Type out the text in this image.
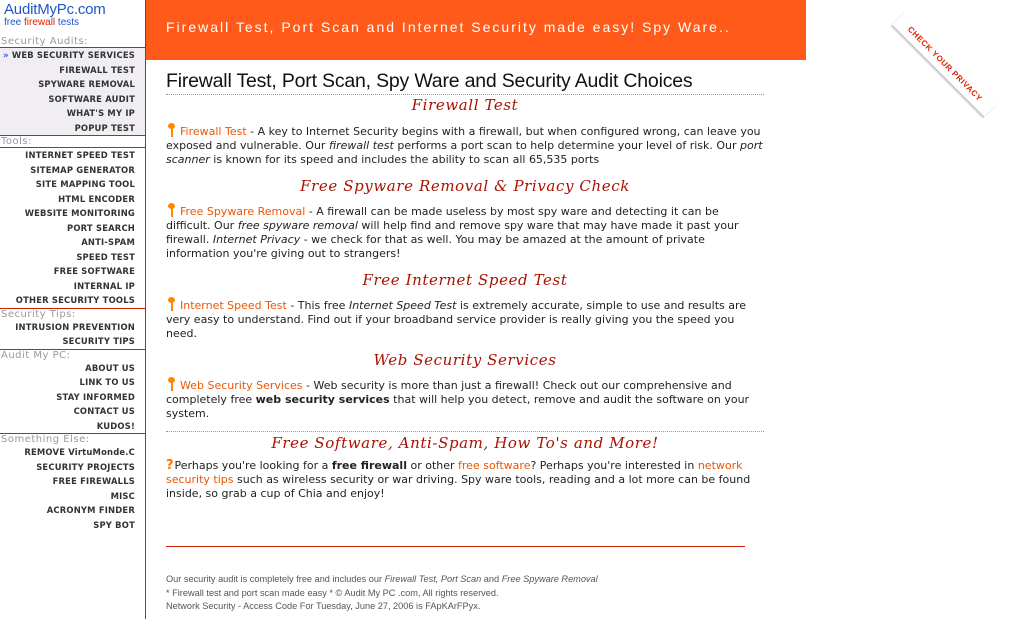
AuditMyPc.com
free firewall tests
Security Audits:
» WEB SECURITY SERVICES
FIREWALL TEST
SPYWARE REMOVAL
SOFTWARE AUDIT
WHAT'S MY IP
POPUP TEST
Tools:
INTERNET SPEED TEST
SITEMAP GENERATOR
SITE MAPPING TOOL
HTML ENCODER
WEBSITE MONITORING
PORT SEARCH
ANTI-SPAM
SPEED TEST
FREE SOFTWARE
INTERNAL IP
OTHER SECURITY TOOLS
Security Tips:
INTRUSION PREVENTION
SECURITY TIPS
Audit My PC:
ABOUT US
LINK TO US
STAY INFORMED
CONTACT US
KUDOS!
Something Else:
REMOVE VirtuMonde.C
SECURITY PROJECTS
FREE FIREWALLS
MISC
ACRONYM FINDER
SPY BOT
Firewall Test, Port Scan and Internet Security made easy! Spy Ware..	CHECK YOUR PRIVACY
Firewall Test, Port Scan, Spy Ware and Security Audit Choices
Firewall Test

Firewall Test - A key to Internet Security begins with a firewall, but when configured wrong, can leave you exposed and vulnerable. Our firewall test performs a port scan to help determine your level of risk. Our port scanner is known for its speed and includes the ability to scan all 65,535 ports

Free Spyware Removal & Privacy Check

Free Spyware Removal - A firewall can be made useless by most spy ware and detecting it can be difficult. Our free spyware removal will help find and remove spy ware that may have made it past your firewall. Internet Privacy - we check for that as well. You may be amazed at the amount of private information you're giving out to strangers!

Free Internet Speed Test

Internet Speed Test - This free Internet Speed Test is extremely accurate, simple to use and results are very easy to understand. Find out if your broadband service provider is really giving you the speed you need.

Web Security Services

Web Security Services - Web security is more than just a firewall! Check out our comprehensive and completely free web security services that will help you detect, remove and audit the software on your system.

Free Software, Anti-Spam, How To's and More!

?Perhaps you're looking for a free firewall or other free software? Perhaps you're interested in network security tips such as wireless security or war driving. Spy ware tools, reading and a lot more can be found inside, so grab a cup of Chia and enjoy!

Our security audit is completely free and includes our Firewall Test, Port Scan and Free Spyware Removal
* Firewall test and port scan made easy * © Audit My PC .com, All rights reserved.
Network Security - Access Code For Tuesday, June 27, 2006 is FApKArFPyx.
